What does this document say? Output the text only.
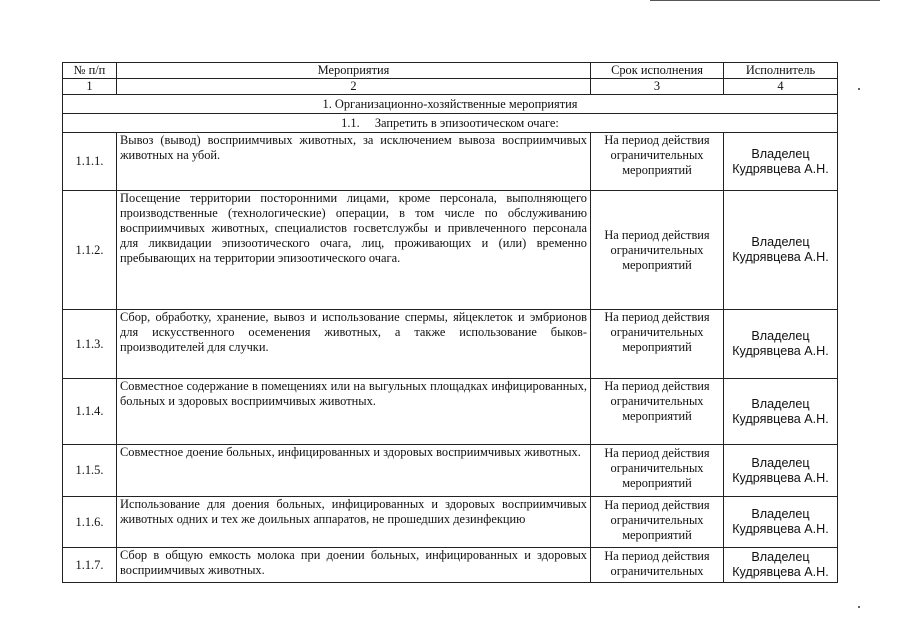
№ п/п	Мероприятия	Срок исполнения	Исполнитель
1	2	3	4
1. Организационно-хозяйственные мероприятия			
1.1. Запретить в эпизоотическом очаге:			
1.1.1.	Вывоз (вывод) восприимчивых животных, за исключением вывоза восприимчивых животных на убой.	На период действия ограничительных мероприятий	Владелец
Кудрявцева А.Н.
1.1.2.	Посещение территории посторонними лицами, кроме персонала, выполняющего производственные (технологические) операции, в том числе по обслуживанию восприимчивых животных, специалистов госветслужбы и привлеченного персонала для ликвидации эпизоотического очага, лиц, проживающих и (или) временно пребывающих на территории эпизоотического очага.	На период действия ограничительных мероприятий	Владелец
Кудрявцева А.Н.
1.1.3.	Сбор, обработку, хранение, вывоз и использование спермы, яйцеклеток и эмбрионов для искусственного осеменения животных, а также использование быков-производителей для случки.	На период действия ограничительных мероприятий	Владелец
Кудрявцева А.Н.
1.1.4.	Совместное содержание в помещениях или на выгульных площадках инфицированных, больных и здоровых восприимчивых животных.	На период действия ограничительных мероприятий	Владелец
Кудрявцева А.Н.
1.1.5.	Совместное доение больных, инфицированных и здоровых восприимчивых животных.	На период действия ограничительных мероприятий	Владелец
Кудрявцева А.Н.
1.1.6.	Использование для доения больных, инфицированных и здоровых восприимчивых животных одних и тех же доильных аппаратов, не прошедших дезинфекцию	На период действия ограничительных мероприятий	Владелец
Кудрявцева А.Н.
1.1.7.	Сбор в общую емкость молока при доении больных, инфицированных и здоровых восприимчивых животных.	На период действия ограничительных	Владелец
Кудрявцева А.Н.
